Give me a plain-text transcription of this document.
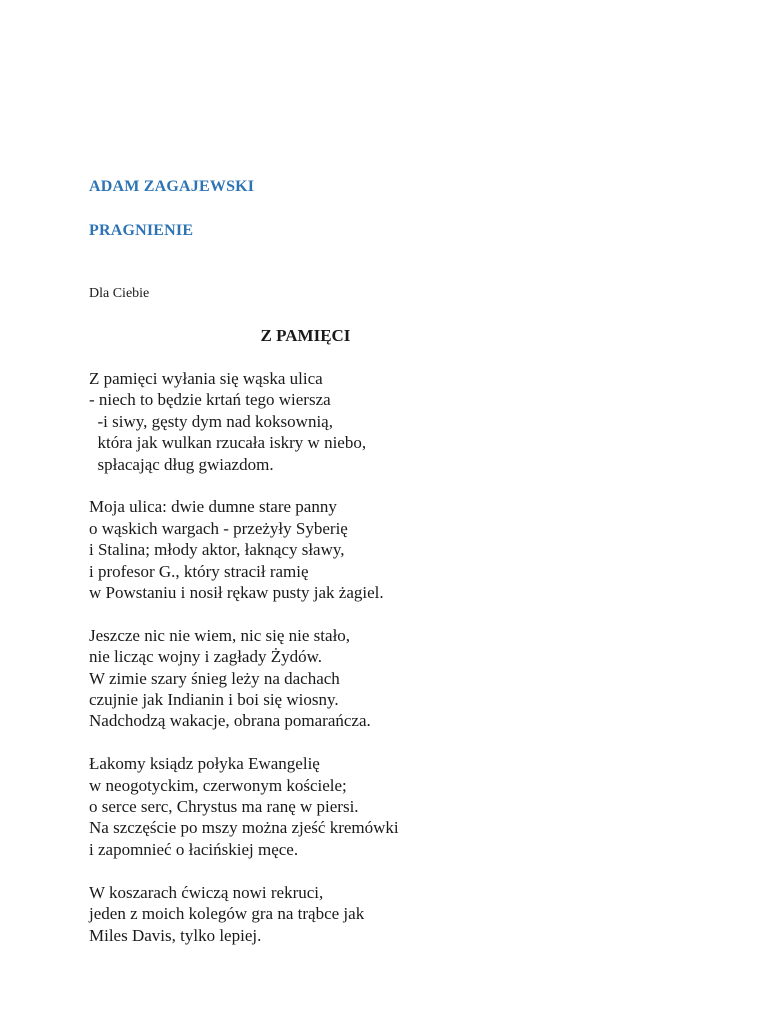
ADAM ZAGAJEWSKI
PRAGNIENIE
Dla Ciebie
Z PAMIĘCI
Z pamięci wyłania się wąska ulica
- niech to będzie krtań tego wiersza
-i siwy, gęsty dym nad koksownią,
która jak wulkan rzucała iskry w niebo,
spłacając dług gwiazdom.
Moja ulica: dwie dumne stare panny
o wąskich wargach - przeżyły Syberię
i Stalina; młody aktor, łaknący sławy,
i profesor G., który stracił ramię
w Powstaniu i nosił rękaw pusty jak żagiel.
Jeszcze nic nie wiem, nic się nie stało,
nie licząc wojny i zagłady Żydów.
W zimie szary śnieg leży na dachach
czujnie jak Indianin i boi się wiosny.
Nadchodzą wakacje, obrana pomarańcza.
Łakomy ksiądz połyka Ewangelię
w neogotyckim, czerwonym kościele;
o serce serc, Chrystus ma ranę w piersi.
Na szczęście po mszy można zjeść kremówki
i zapomnieć o łacińskiej męce.
W koszarach ćwiczą nowi rekruci,
jeden z moich kolegów gra na trąbce jak
Miles Davis, tylko lepiej.
